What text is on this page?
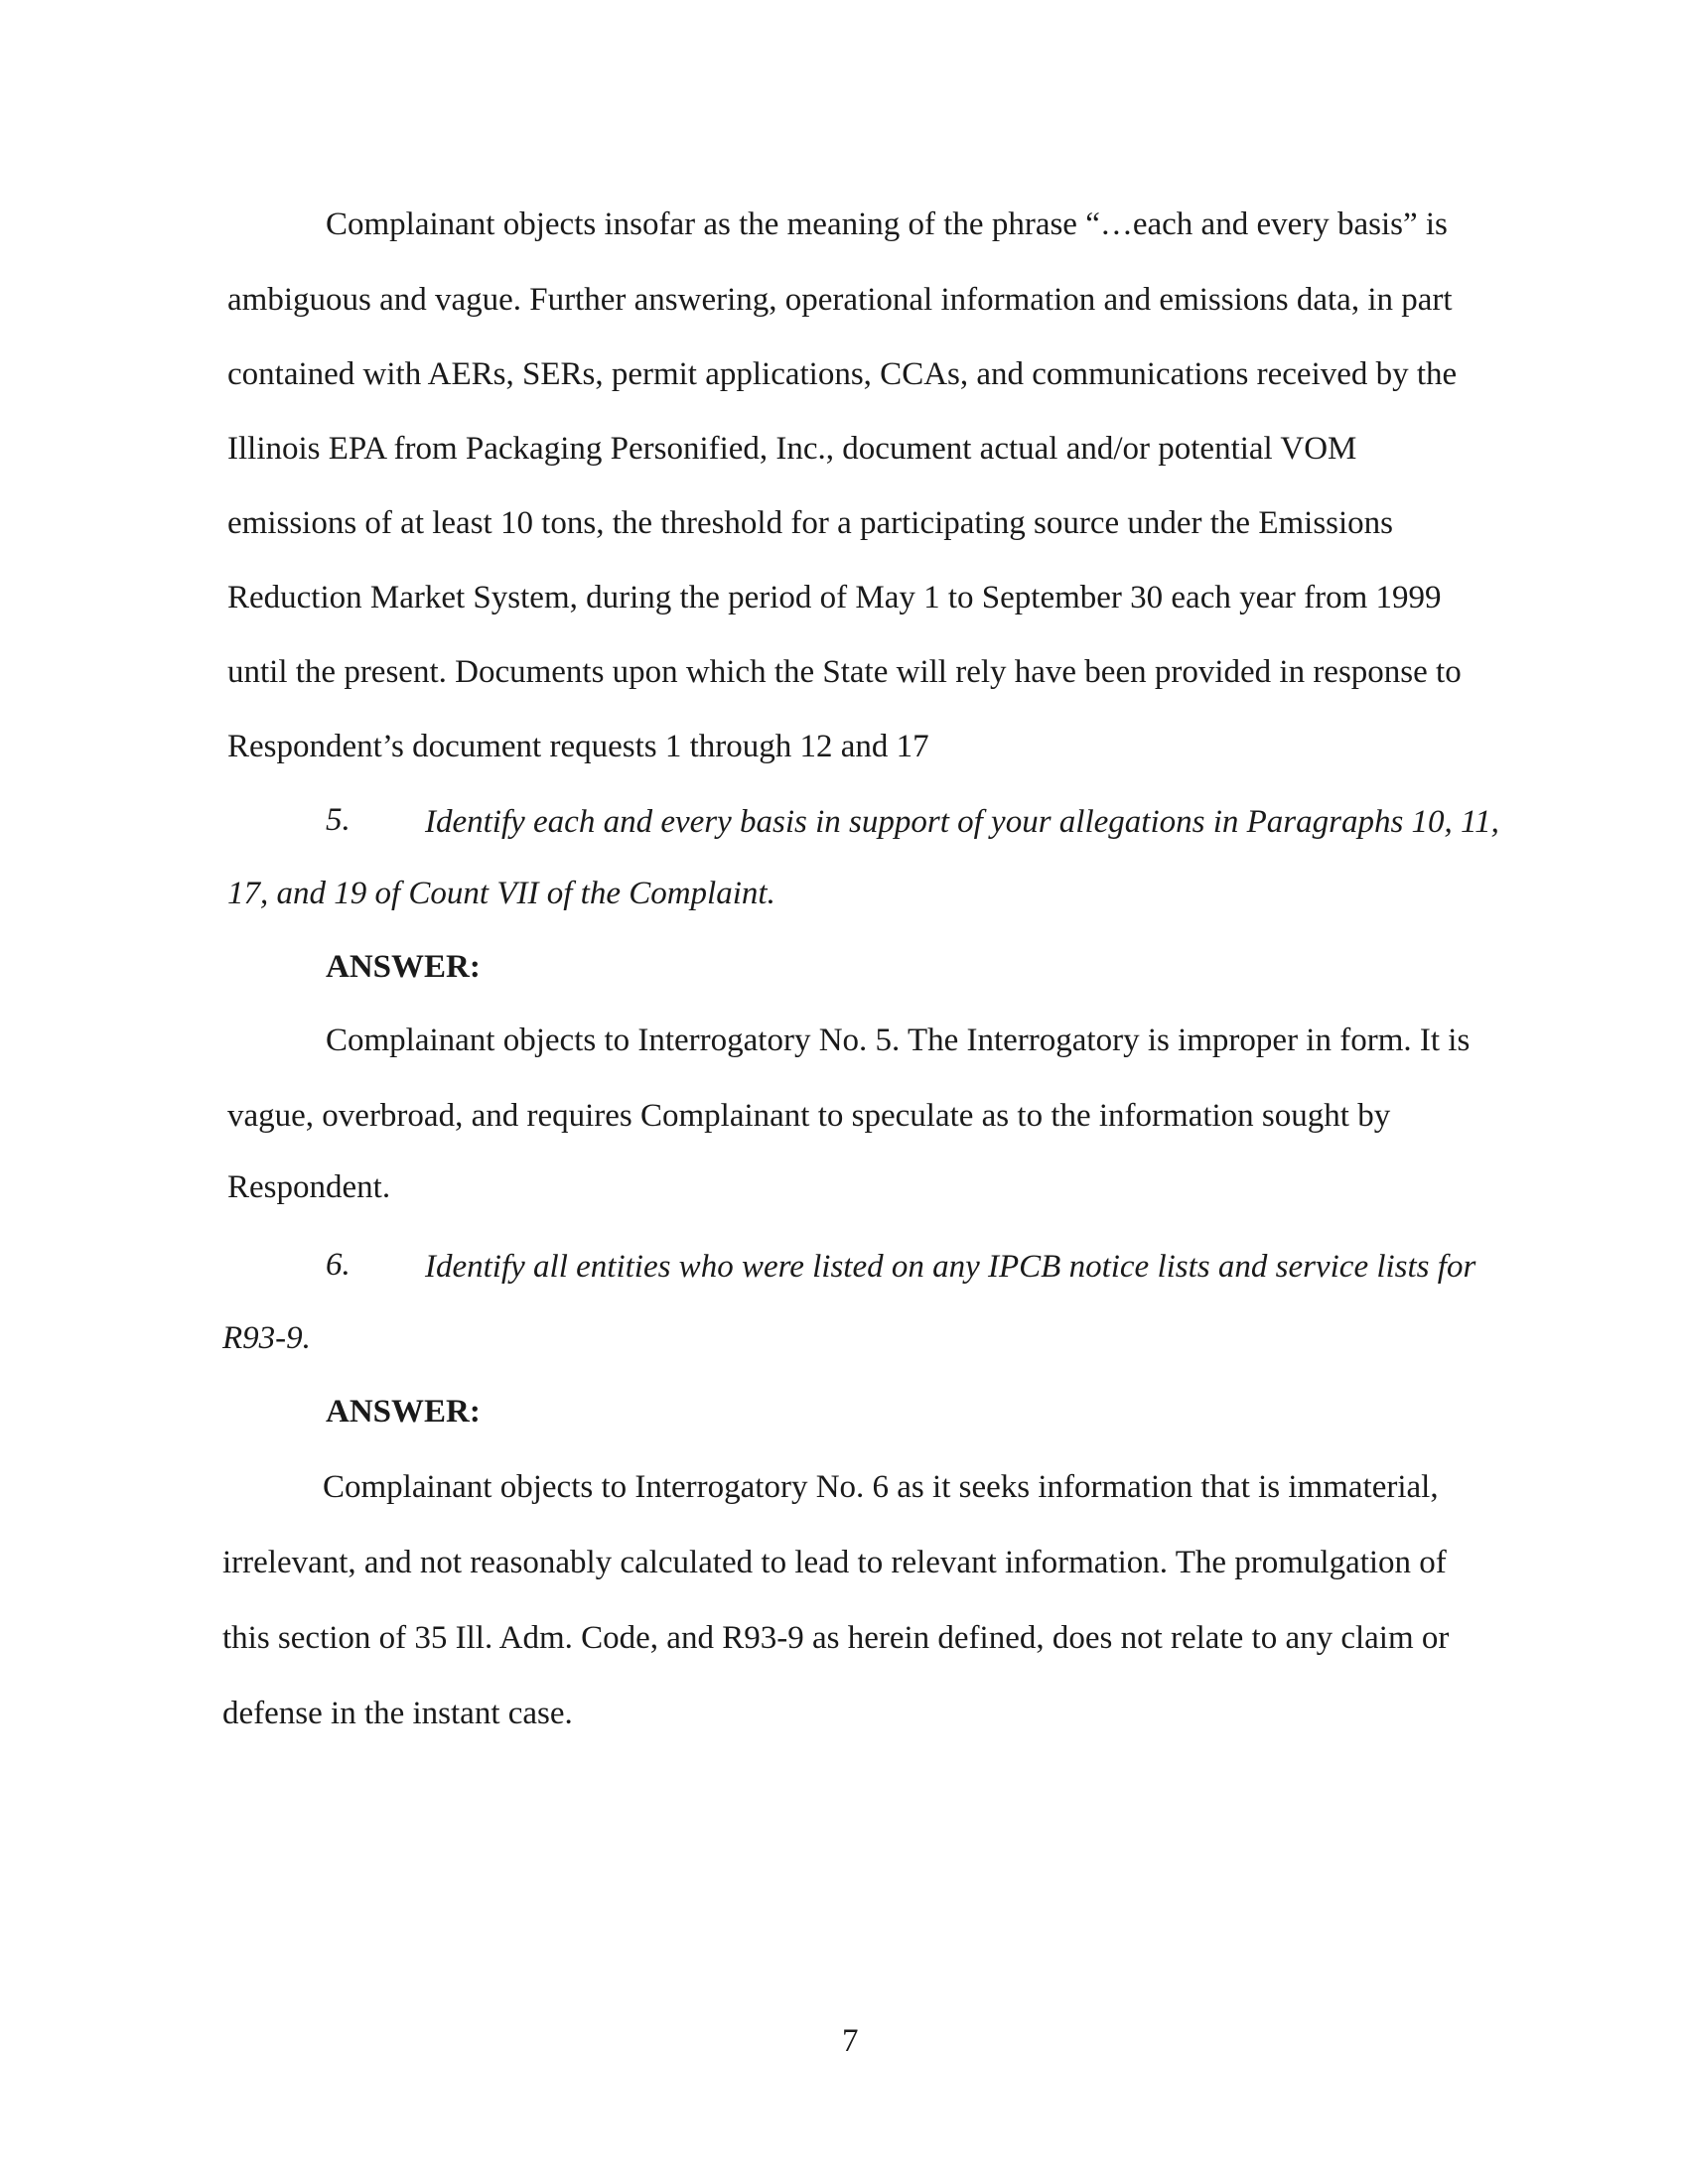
Complainant objects insofar as the meaning of the phrase “…each and every basis” is
ambiguous and vague. Further answering, operational information and emissions data, in part
contained with AERs, SERs, permit applications, CCAs, and communications received by the
Illinois EPA from Packaging Personified, Inc., document actual and/or potential VOM
emissions of at least 10 tons, the threshold for a participating source under the Emissions
Reduction Market System, during the period of May 1 to September 30 each year from 1999
until the present. Documents upon which the State will rely have been provided in response to
Respondent’s document requests 1 through 12 and 17
5. Identify each and every basis in support of your allegations in Paragraphs 10, 11,
17, and 19 of Count VII of the Complaint.
ANSWER:
Complainant objects to Interrogatory No. 5. The Interrogatory is improper in form. It is
vague, overbroad, and requires Complainant to speculate as to the information sought by
Respondent.
6. Identify all entities who were listed on any IPCB notice lists and service lists for
R93-9.
ANSWER:
Complainant objects to Interrogatory No. 6 as it seeks information that is immaterial,
irrelevant, and not reasonably calculated to lead to relevant information. The promulgation of
this section of 35 Ill. Adm. Code, and R93-9 as herein defined, does not relate to any claim or
defense in the instant case.
7
